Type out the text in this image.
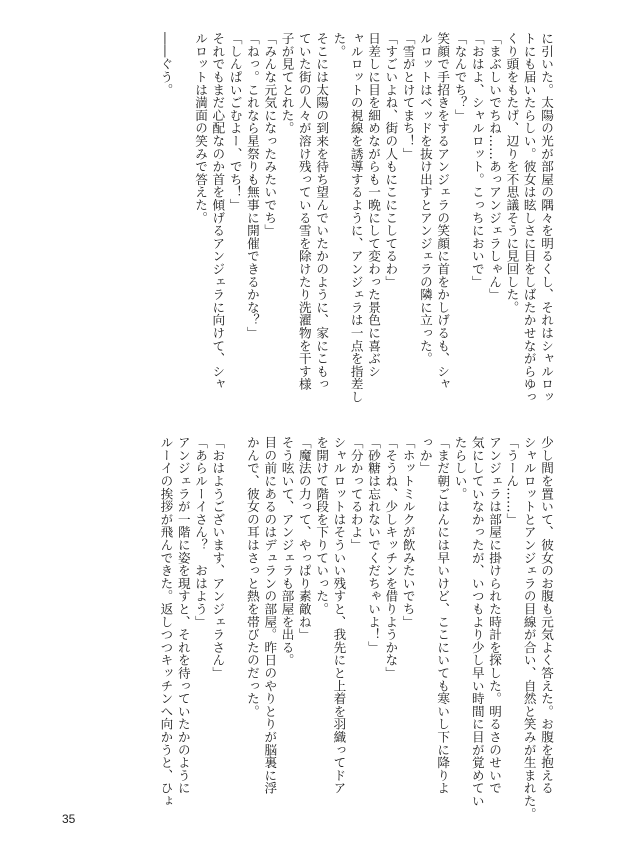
に引いた。太陽の光が部屋の隅々を明るくし、それはシャルロッ
トにも届いたらしい。彼女は眩しさに目をしばたかせながらゆっ
くり頭をもたげ、辺りを不思議そうに見回した。
「まぶしいでちね……あっアンジェラしゃん」
「おはよ、シャルロット。こっちにおいで」
「なんでち？」
笑顔で手招きをするアンジェラの笑顔に首をかしげるも、シャ
ルロットはベッドを抜け出すとアンジェラの隣に立った。
「雪がとけてまち！」
「すごいよね、街の人もにこにこしてるわ」
日差しに目を細めながらも一晩にして変わった景色に喜ぶシ
ャルロットの視線を誘導するように、アンジェラは一点を指差し
た。
そこには太陽の到来を待ち望んでいたかのように、家にこもっ
ていた街の人々が溶け残っている雪を除けたり洗濯物を干す様
子が見てとれた。
「みんな元気になったみたいでち」
「ねっ。これなら星祭りも無事に開催できるかな？」
「しんぱいごむよー、でち！」
それでもまだ心配なのか首を傾げるアンジェラに向けて、シャ
ルロットは満面の笑みで答えた。

――ぐう。
少し間を置いて、彼女のお腹も元気よく答えた。お腹を抱える
シャルロットとアンジェラの目線が合い、自然と笑みが生まれた。
「うーん……」
アンジェラは部屋に掛けられた時計を探した。明るさのせいで
気にしていなかったが、いつもより少し早い時間に目が覚めてい
たらしい。
「まだ朝ごはんには早いけど、ここにいても寒いし下に降りよ
っか」
「ホットミルクが飲みたいでち」
「そうね、少しキッチンを借りようかな」
「砂糖は忘れないでくだちゃいよ！」
「分かってるわよ」
シャルロットはそういい残すと、我先にと上着を羽織ってドア
を開けて階段を下りていった。
「魔法の力って、やっぱり素敵ね」
そう呟いて、アンジェラも部屋を出る。
目の前にあるのはデュランの部屋。昨日のやりとりが脳裏に浮
かんで、彼女の耳はさっと熱を帯びたのだった。

「おはようございます、アンジェラさん」
「あらルーイさん？　おはよう」
アンジェラが一階に姿を現すと、それを待っていたかのように
ルーイの挨拶が飛んできた。返しつつキッチンへ向かうと、ひょ
35
